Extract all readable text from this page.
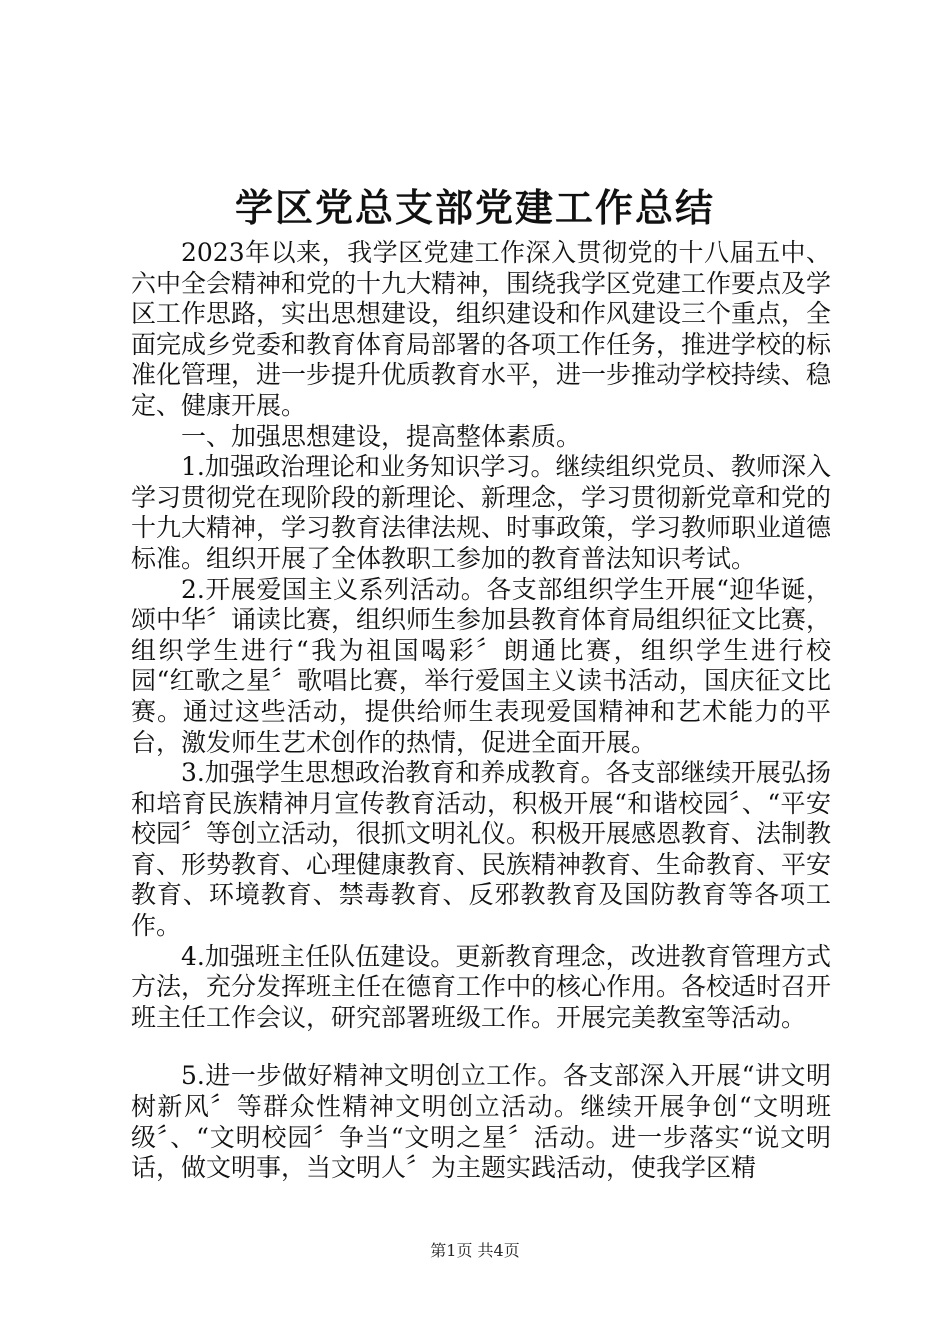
学区党总支部党建工作总结

2023年以来，我学区党建工作深入贯彻党的十八届五中、六中全会精神和党的十九大精神，围绕我学区党建工作要点及学区工作思路，实出思想建设，组织建设和作风建设三个重点，全面完成乡党委和教育体育局部署的各项工作任务，推进学校的标准化管理，进一步提升优质教育水平，进一步推动学校持续、稳定、健康开展。

一、加强思想建设，提高整体素质。

1.加强政治理论和业务知识学习。继续组织党员、教师深入学习贯彻党在现阶段的新理论、新理念，学习贯彻新党章和党的十九大精神，学习教育法律法规、时事政策，学习教师职业道德标准。组织开展了全体教职工参加的教育普法知识考试。

2.开展爱国主义系列活动。各支部组织学生开展“迎华诞，颂中华〞诵读比赛，组织师生参加县教育体育局组织征文比赛，组织学生进行“我为祖国喝彩〞朗通比赛，组织学生进行校园“红歌之星〞歌唱比赛，举行爱国主义读书活动，国庆征文比赛。通过这些活动，提供给师生表现爱国精神和艺术能力的平台，激发师生艺术创作的热情，促进全面开展。

3.加强学生思想政治教育和养成教育。各支部继续开展弘扬和培育民族精神月宣传教育活动，积极开展“和谐校园〞、“平安校园〞等创立活动，很抓文明礼仪。积极开展感恩教育、法制教育、形势教育、心理健康教育、民族精神教育、生命教育、平安教育、环境教育、禁毒教育、反邪教教育及国防教育等各项工作。

4.加强班主任队伍建设。更新教育理念，改进教育管理方式方法，充分发挥班主任在德育工作中的核心作用。各校适时召开班主任工作会议，研究部署班级工作。开展完美教室等活动。

5.进一步做好精神文明创立工作。各支部深入开展“讲文明树新风〞等群众性精神文明创立活动。继续开展争创“文明班级〞、“文明校园〞争当“文明之星〞活动。进一步落实“说文明话，做文明事，当文明人〞为主题实践活动，使我学区精

第1页 共4页
